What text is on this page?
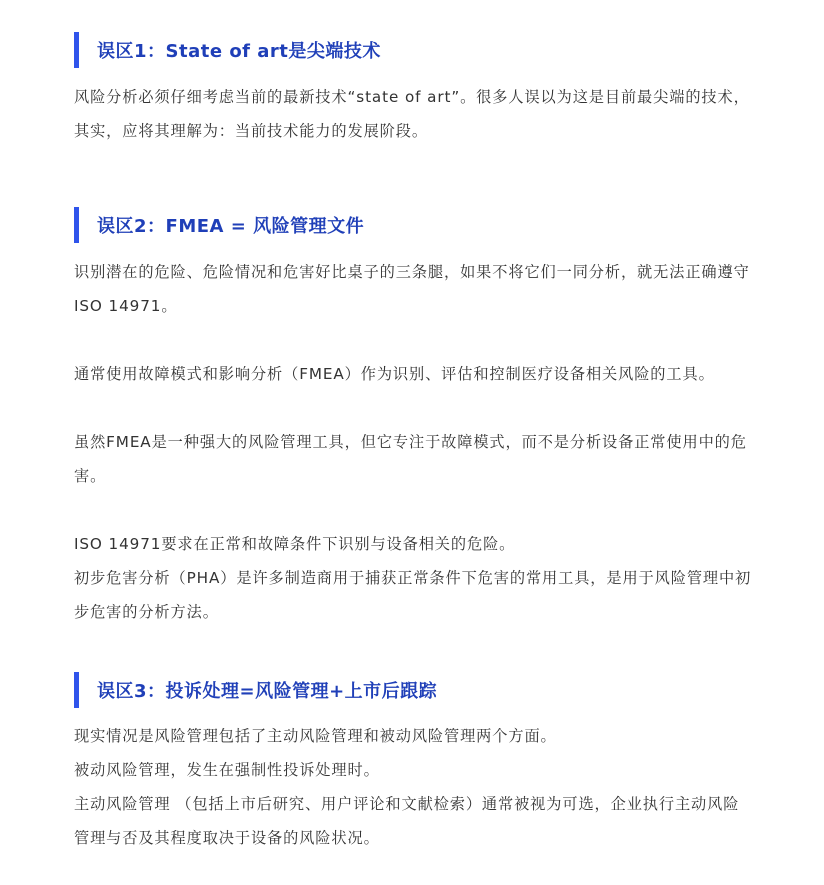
误区1：State of art是尖端技术

风险分析必须仔细考虑当前的最新技术“state of art”。很多人误以为这是目前最尖端的技术，其实，应将其理解为：当前技术能力的发展阶段。

误区2：FMEA = 风险管理文件

识别潜在的危险、危险情况和危害好比桌子的三条腿，如果不将它们一同分析，就无法正确遵守ISO 14971。

通常使用故障模式和影响分析（FMEA）作为识别、评估和控制医疗设备相关风险的工具。

虽然FMEA是一种强大的风险管理工具，但它专注于故障模式，而不是分析设备正常使用中的危害。

ISO 14971要求在正常和故障条件下识别与设备相关的危险。

初步危害分析（PHA）是许多制造商用于捕获正常条件下危害的常用工具，是用于风险管理中初步危害的分析方法。

误区3：投诉处理=风险管理+上市后跟踪

现实情况是风险管理包括了主动风险管理和被动风险管理两个方面。

被动风险管理，发生在强制性投诉处理时。

主动风险管理 （包括上市后研究、用户评论和文献检索）通常被视为可选，企业执行主动风险管理与否及其程度取决于设备的风险状况。
